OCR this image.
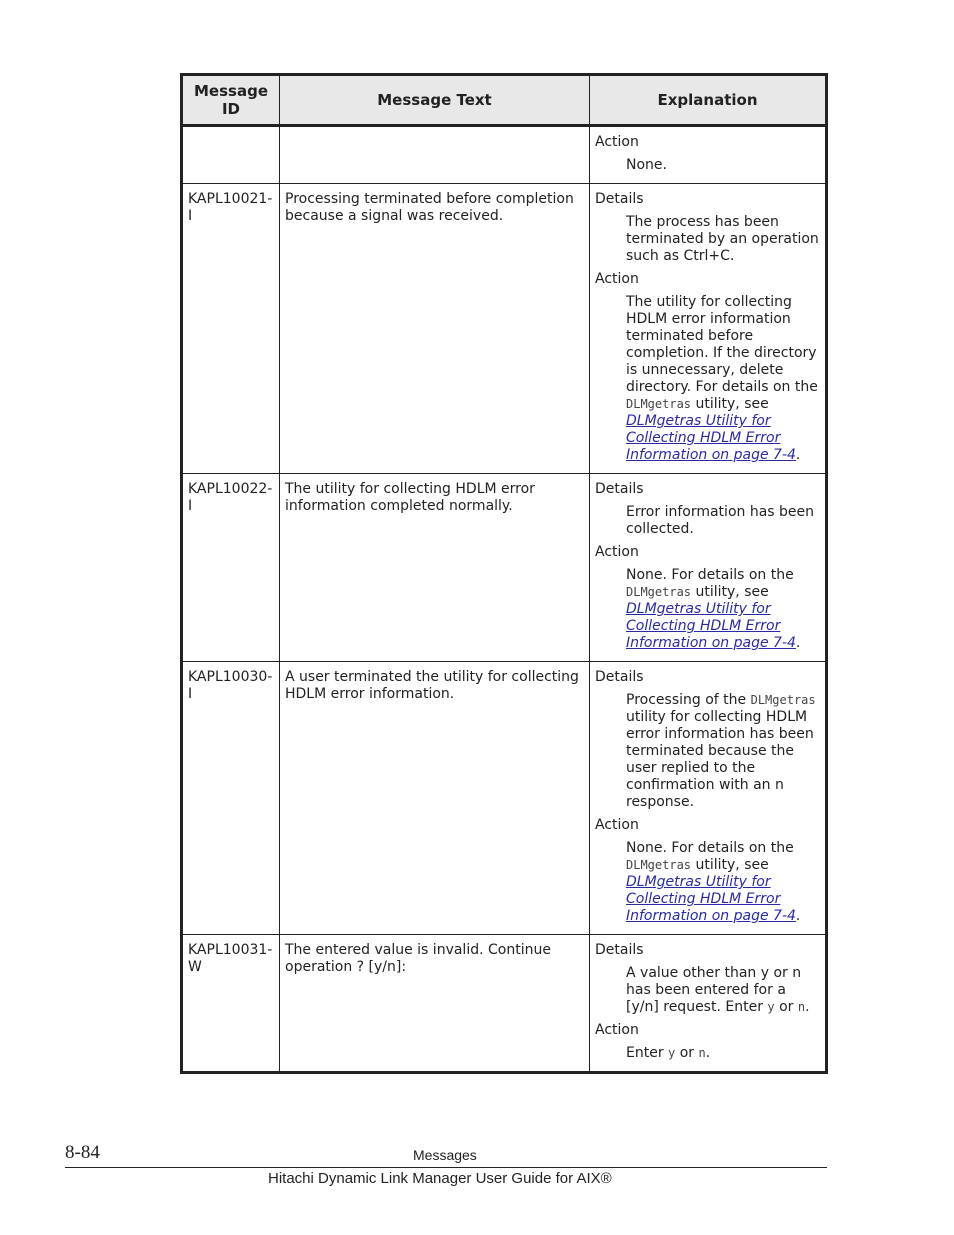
Message ID	Message Text	Explanation

		Action

None.

KAPL10021-I	Processing terminated before completion because a signal was received.	Details

The process has been terminated by an operation such as Ctrl+C.

Action

The utility for collecting HDLM error information terminated before completion. If the directory is unnecessary, delete directory. For details on the DLMgetras utility, see DLMgetras Utility for Collecting HDLM Error Information on page 7-4.

KAPL10022-I	The utility for collecting HDLM error information completed normally.	Details

Error information has been collected.

Action

None. For details on the DLMgetras utility, see DLMgetras Utility for Collecting HDLM Error Information on page 7-4.

KAPL10030-I	A user terminated the utility for collecting HDLM error information.	Details

Processing of the DLMgetras utility for collecting HDLM error information has been terminated because the user replied to the confirmation with an n response.

Action

None. For details on the DLMgetras utility, see DLMgetras Utility for Collecting HDLM Error Information on page 7-4.

KAPL10031-W	The entered value is invalid. Continue operation ? [y/n]:	Details

A value other than y or n has been entered for a [y/n] request. Enter y or n.

Action

Enter y or n.

8-84	Messages
Hitachi Dynamic Link Manager User Guide for AIX®
